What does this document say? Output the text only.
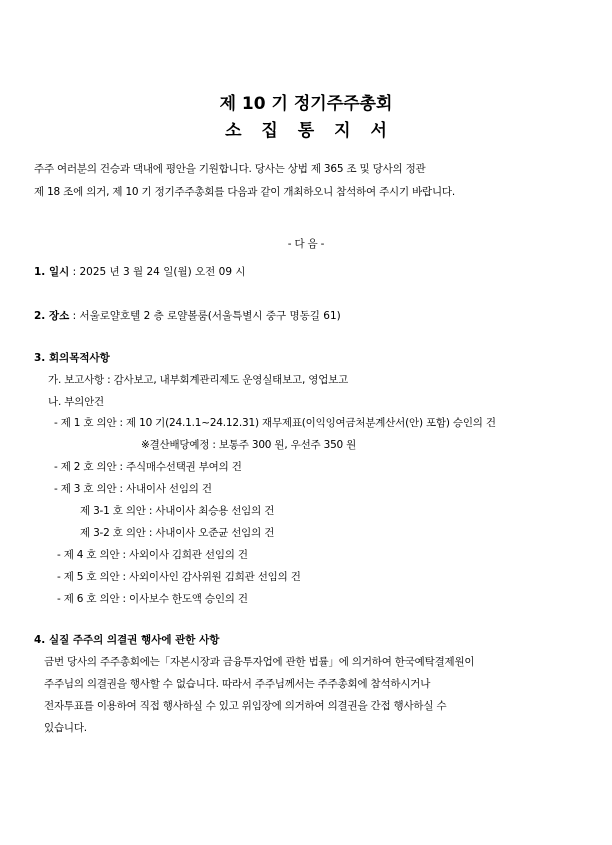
제 10 기 정기주주총회
소 집 통 지 서
주주 여러분의 건승과 댁내에 평안을 기원합니다. 당사는 상법 제 365 조 및 당사의 정관
제 18 조에 의거, 제 10 기 정기주주총회를 다음과 같이 개최하오니 참석하여 주시기 바랍니다.
- 다 음 -
1. 일시 : 2025 년 3 월 24 일(월) 오전 09 시
2. 장소 : 서울로얄호텔 2 층 로얄볼룸(서울특별시 중구 명동길 61)
3. 회의목적사항
가. 보고사항 : 감사보고, 내부회계관리제도 운영실태보고, 영업보고
나. 부의안건
- 제 1 호 의안 : 제 10 기(24.1.1~24.12.31) 재무제표(이익잉여금처분계산서(안) 포함) 승인의 건
※결산배당예정 : 보통주 300 원, 우선주 350 원
- 제 2 호 의안 : 주식매수선택권 부여의 건
- 제 3 호 의안 : 사내이사 선임의 건
제 3-1 호 의안 : 사내이사 최승용 선임의 건
제 3-2 호 의안 : 사내이사 오준균 선임의 건
- 제 4 호 의안 : 사외이사 김희관 선임의 건
- 제 5 호 의안 : 사외이사인 감사위원 김희관 선임의 건
- 제 6 호 의안 : 이사보수 한도액 승인의 건
4. 실질 주주의 의결권 행사에 관한 사항
금번 당사의 주주총회에는「자본시장과 금융투자업에 관한 법률」에 의거하여 한국예탁결제원이
주주님의 의결권을 행사할 수 없습니다. 따라서 주주님께서는 주주총회에 참석하시거나
전자투표를 이용하여 직접 행사하실 수 있고 위임장에 의거하여 의결권을 간접 행사하실 수
있습니다.
